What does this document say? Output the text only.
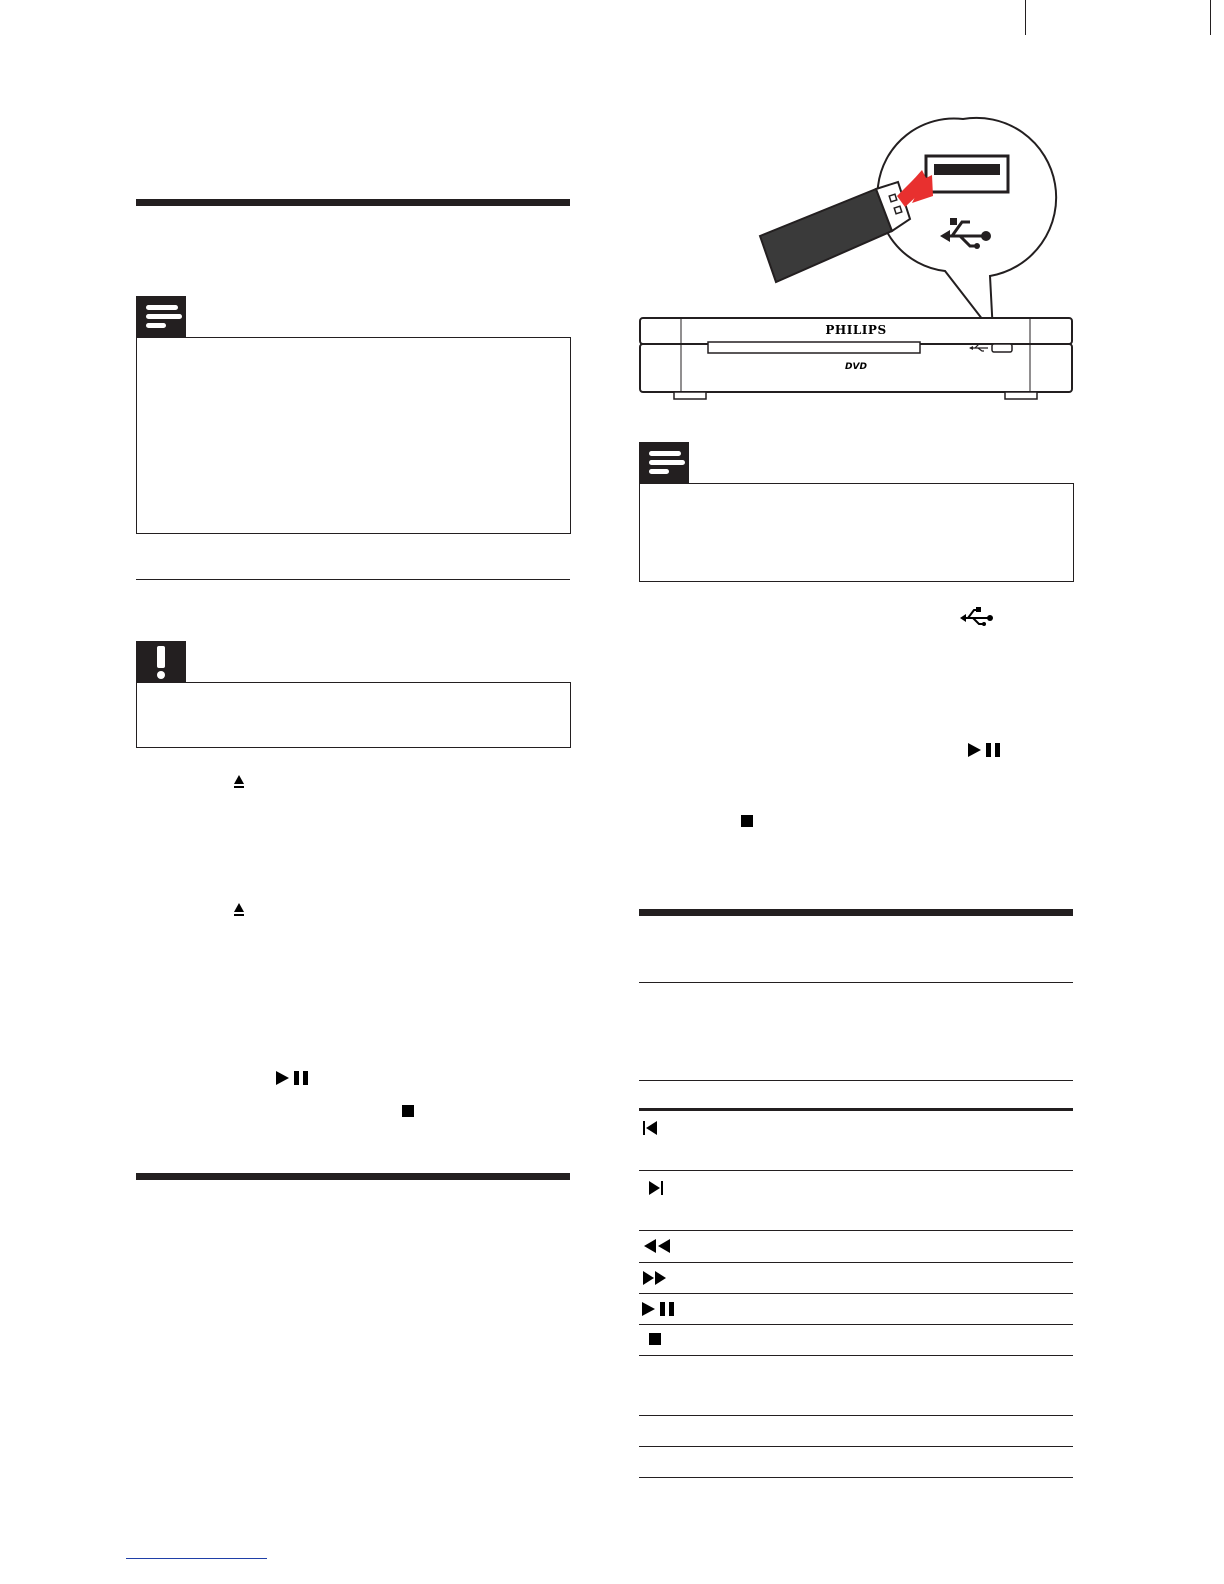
PHILIPS
DVD
